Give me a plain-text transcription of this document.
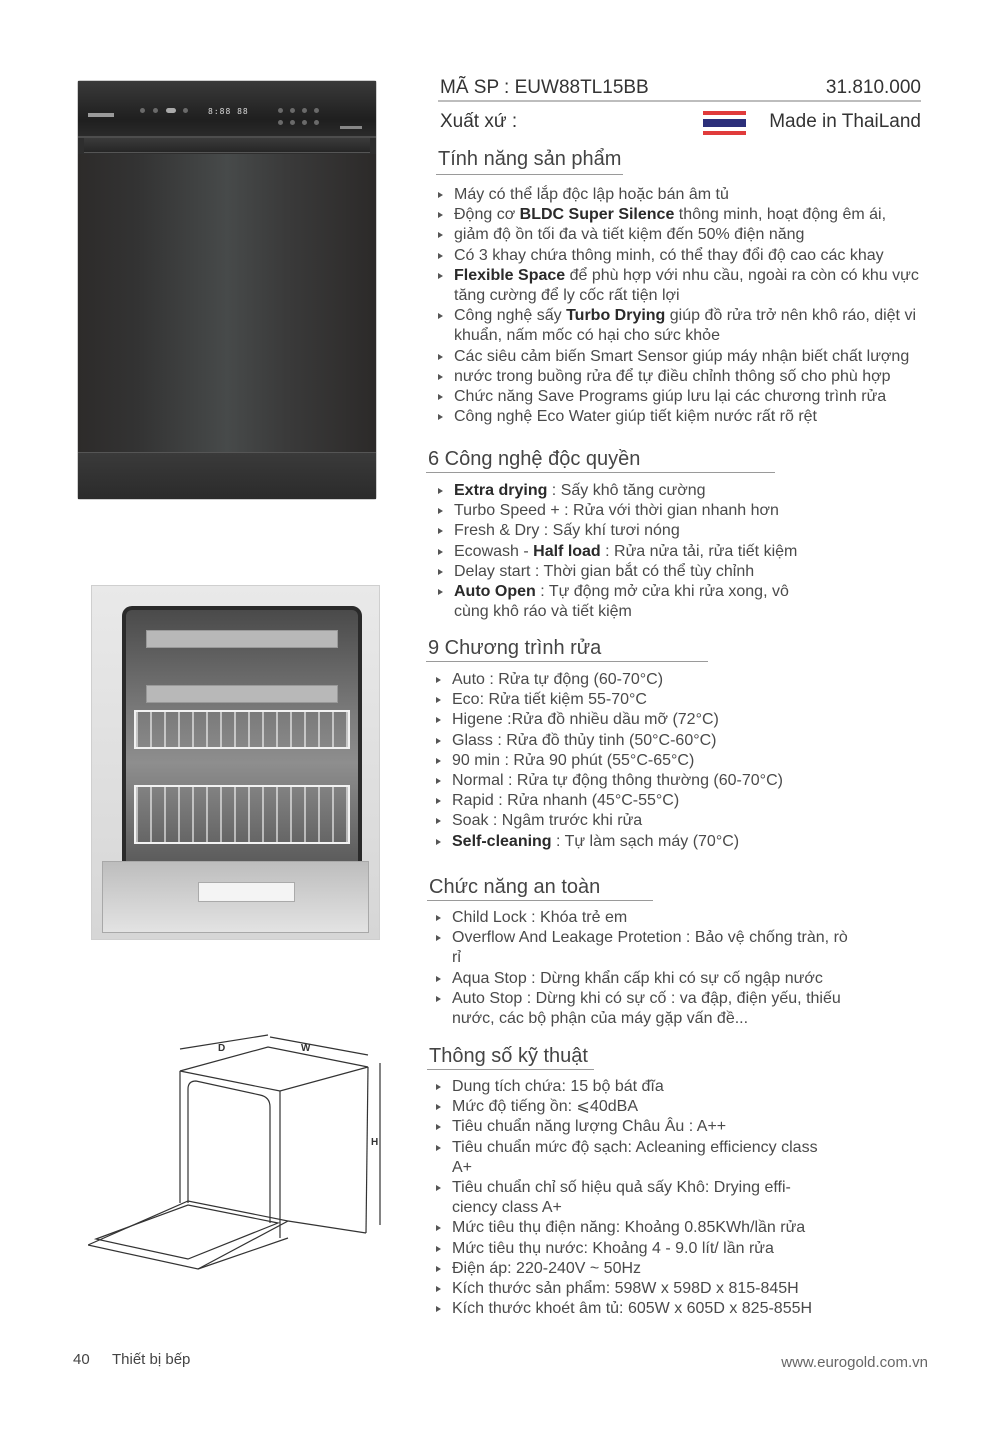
8:88 88
D	W
H
MÃ SP : EUW88TL15BB	31.810.000
Xuất xứ :	Made in ThaiLand
Tính năng sản phẩm
Máy có thể lắp độc lập hoặc bán âm tủ
Động cơ BLDC Super Silence thông minh, hoạt động êm ái,
giảm độ ồn tối đa và tiết kiệm đến 50% điện năng
Có 3 khay chứa thông minh, có thể thay đổi độ cao các khay
Flexible Space để phù hợp với nhu cầu, ngoài ra còn có khu vực tăng cường để ly cốc rất tiện lợi
Công nghệ sấy Turbo Drying giúp đồ rửa trở nên khô ráo, diệt vi khuẩn, nấm mốc có hại cho sức khỏe
Các siêu cảm biến Smart Sensor giúp máy nhận biết chất lượng
nước trong buồng rửa để tự điều chỉnh thông số cho phù hợp
Chức năng Save Programs giúp lưu lại các chương trình rửa
Công nghệ Eco Water giúp tiết kiệm nước rất rõ rệt
6 Công nghệ độc quyền
Extra drying : Sấy khô tăng cường
Turbo Speed + : Rửa với thời gian nhanh hơn
Fresh & Dry : Sấy khí tươi nóng
Ecowash - Half load : Rửa nửa tải, rửa tiết kiệm
Delay start : Thời gian bắt có thể tùy chỉnh
Auto Open : Tự động mở cửa khi rửa xong, vô cùng khô ráo và tiết kiệm
9 Chương trình rửa
Auto : Rửa tự động (60-70°C)
Eco: Rửa tiết kiệm 55-70°C
Higene :Rửa đồ nhiều dầu mỡ (72°C)
Glass : Rửa đồ thủy tinh (50°C-60°C)
90 min : Rửa 90 phút (55°C-65°C)
Normal : Rửa tự động thông thường (60-70°C)
Rapid : Rửa nhanh (45°C-55°C)
Soak : Ngâm trước khi rửa
Self-cleaning : Tự làm sạch máy (70°C)
Chức năng an toàn
Child Lock : Khóa trẻ em
Overflow And Leakage Protetion : Bảo vệ chống tràn, rò rỉ
Aqua Stop : Dừng khẩn cấp khi có sự cố ngập nước
Auto Stop : Dừng khi có sự cố : va đập, điện yếu, thiếu nước, các bộ phận của máy gặp vấn đề...
Thông số kỹ thuật
Dung tích chứa: 15 bộ bát đĩa
Mức độ tiếng ồn: ⩽40dBA
Tiêu chuẩn năng lượng Châu Âu : A++
Tiêu chuẩn mức độ sạch: Acleaning efficiency class A+
Tiêu chuẩn chỉ số hiệu quả sấy Khô: Drying effi-ciency class A+
Mức tiêu thụ điện năng: Khoảng 0.85KWh/lần rửa
Mức tiêu thụ nước: Khoảng 4 - 9.0 lít/ lần rửa
Điện áp: 220-240V ~ 50Hz
Kích thước sản phẩm: 598W x 598D x 815-845H
Kích thước khoét âm tủ: 605W x 605D x 825-855H
40 Thiết bị bếp	www.eurogold.com.vn
